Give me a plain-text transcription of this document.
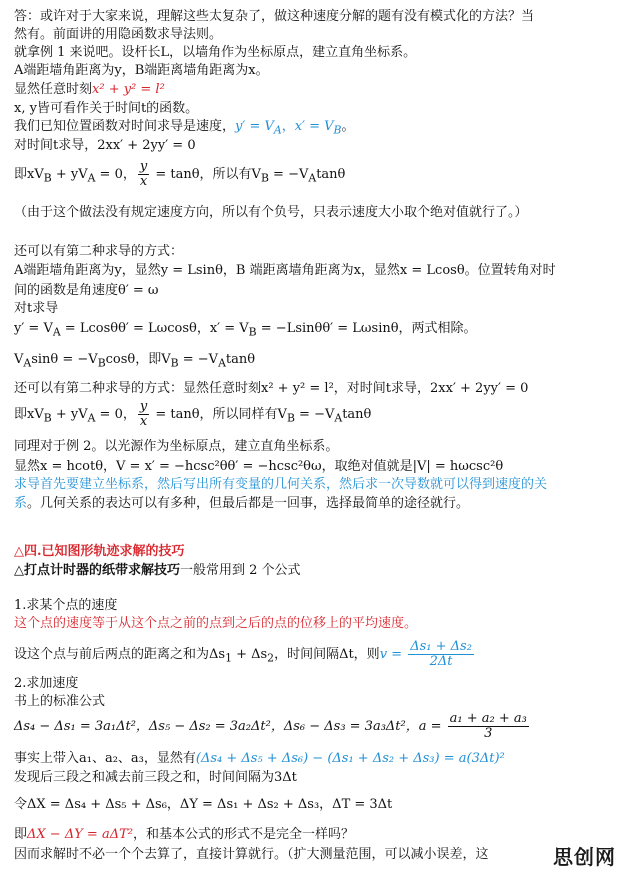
答：或许对于大家来说，理解这些太复杂了，做这种速度分解的题有没有模式化的方法？当
然有。前面讲的用隐函数求导法则。
就拿例 1 来说吧。设杆长L，以墙角作为坐标原点，建立直角坐标系。
A端距墙角距离为y，B端距离墙角距离为x。
显然任意时刻x² + y² = l²
x, y皆可看作关于时间t的函数。
我们已知位置函数对时间求导是速度，$y' = V_A$，$x' = V_B$。
对时间t求导，2xx′ + 2yy′ = 0
即$xV_B + yV_A = 0$， $\frac{y}{x} = \tan\theta$，所以有$V_B = -V_A\tan\theta$
（由于这个做法没有规定速度方向，所以有个负号，只表示速度大小取个绝对值就行了。）
还可以有第二种求导的方式：
A端距墙角距离为y，显然y = Lsinθ，B 端距离墙角距离为x，显然x = Lcosθ。位置转角对时
间的函数是角速度θ′ = ω
对t求导
$y' = V_A = Lcos\theta\theta' = L\omega\cos\theta$，$x' = V_B = -Lsin\theta\theta' = L\omega\sin\theta$，两式相除。
$V_A\sin\theta = -V_B\cos\theta$，即$V_B = -V_A\tan\theta$
还可以有第二种求导的方式：显然任意时刻x² + y² = l²，对时间t求导，2xx′ + 2yy′ = 0
即$xV_B + yV_A = 0$， $\frac{y}{x} = \tan\theta$，所以同样有$V_B = -V_A\tan\theta$
同理对于例 2。以光源作为坐标原点，建立直角坐标系。
显然x = hcotθ，V = x′ = −hcsc²θθ′ = −hcsc²θω，取绝对值就是|V| = hωcsc²θ
求导首先要建立坐标系，然后写出所有变量的几何关系，然后求一次导数就可以得到速度的关
系。几何关系的表达可以有多种，但最后都是一回事，选择最简单的途径就行。
△四.已知图形轨迹求解的技巧
△打点计时器的纸带求解技巧一般常用到 2 个公式
1.求某个点的速度
这个点的速度等于从这个点之前的点到之后的点的位移上的平均速度。
设这个点与前后两点的距离之和为$\Delta s_1 + \Delta s_2$，时间间隔Δt，则$v = \frac{\text{Δs₁ + Δs₂}}{2\Delta t}$
2.求加速度
书上的标准公式
Δs₄ − Δs₁ = 3a₁Δt²，Δs₅ − Δs₂ = 3a₂Δt²，Δs₆ − Δs₃ = 3a₃Δt²，$a = \frac{\text{a₁ + a₂ + a₃}}{3}$
事实上带入a₁、a₂、a₃，显然有(Δs₄ + Δs₅ + Δs₆) − (Δs₁ + Δs₂ + Δs₃) = a(3Δt)²
发现后三段之和减去前三段之和，时间间隔为3Δt
令ΔX = Δs₄ + Δs₅ + Δs₆，ΔY = Δs₁ + Δs₂ + Δs₃，ΔT = 3Δt
即ΔX − ΔY = aΔT²，和基本公式的形式不是完全一样吗？
因而求解时不必一个个去算了，直接计算就行。（扩大测量范围，可以减小误差，这	思创网
